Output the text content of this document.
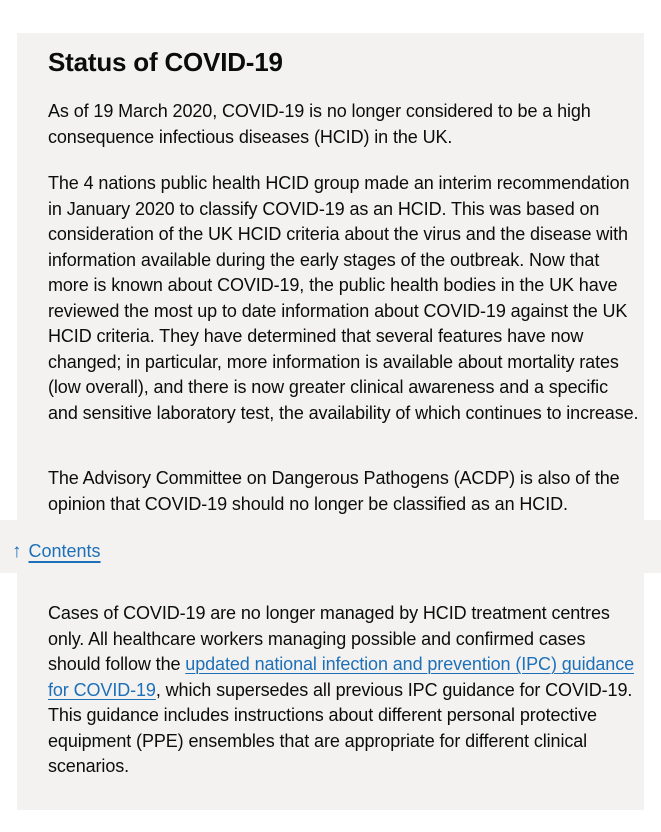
Status of COVID-19

As of 19 March 2020, COVID-19 is no longer considered to be a high consequence infectious diseases (HCID) in the UK.

The 4 nations public health HCID group made an interim recommendation in January 2020 to classify COVID-19 as an HCID. This was based on consideration of the UK HCID criteria about the virus and the disease with information available during the early stages of the outbreak. Now that more is known about COVID-19, the public health bodies in the UK have reviewed the most up to date information about COVID-19 against the UK HCID criteria. They have determined that several features have now changed; in particular, more information is available about mortality rates (low overall), and there is now greater clinical awareness and a specific and sensitive laboratory test, the availability of which continues to increase.

The Advisory Committee on Dangerous Pathogens (ACDP) is also of the opinion that COVID-19 should no longer be classified as an HCID.

↑ Contents

Cases of COVID-19 are no longer managed by HCID treatment centres only. All healthcare workers managing possible and confirmed cases should follow the updated national infection and prevention (IPC) guidance for COVID-19, which supersedes all previous IPC guidance for COVID-19. This guidance includes instructions about different personal protective equipment (PPE) ensembles that are appropriate for different clinical scenarios.
